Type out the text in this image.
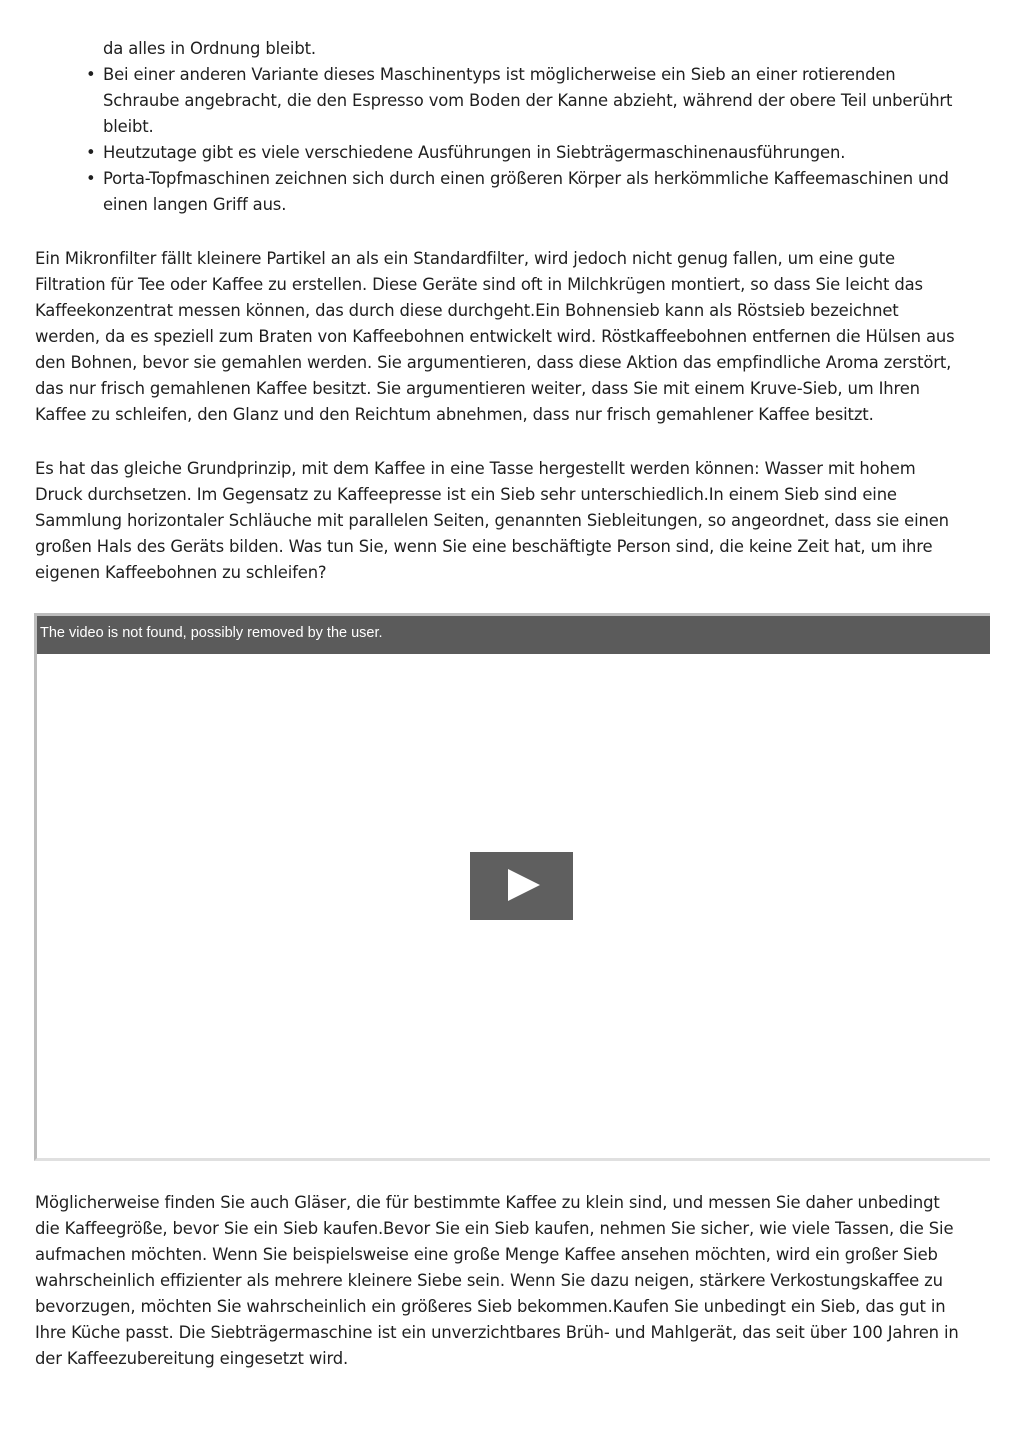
da alles in Ordnung bleibt.
• Bei einer anderen Variante dieses Maschinentyps ist möglicherweise ein Sieb an einer rotierenden
Schraube angebracht, die den Espresso vom Boden der Kanne abzieht, während der obere Teil unberührt
bleibt.
• Heutzutage gibt es viele verschiedene Ausführungen in Siebträgermaschinenausführungen.
• Porta-Topfmaschinen zeichnen sich durch einen größeren Körper als herkömmliche Kaffeemaschinen und
einen langen Griff aus.

Ein Mikronfilter fällt kleinere Partikel an als ein Standardfilter, wird jedoch nicht genug fallen, um eine gute
Filtration für Tee oder Kaffee zu erstellen. Diese Geräte sind oft in Milchkrügen montiert, so dass Sie leicht das
Kaffeekonzentrat messen können, das durch diese durchgeht.Ein Bohnensieb kann als Röstsieb bezeichnet
werden, da es speziell zum Braten von Kaffeebohnen entwickelt wird. Röstkaffeebohnen entfernen die Hülsen aus
den Bohnen, bevor sie gemahlen werden. Sie argumentieren, dass diese Aktion das empfindliche Aroma zerstört,
das nur frisch gemahlenen Kaffee besitzt. Sie argumentieren weiter, dass Sie mit einem Kruve-Sieb, um Ihren
Kaffee zu schleifen, den Glanz und den Reichtum abnehmen, dass nur frisch gemahlener Kaffee besitzt.

Es hat das gleiche Grundprinzip, mit dem Kaffee in eine Tasse hergestellt werden können: Wasser mit hohem
Druck durchsetzen. Im Gegensatz zu Kaffeepresse ist ein Sieb sehr unterschiedlich.In einem Sieb sind eine
Sammlung horizontaler Schläuche mit parallelen Seiten, genannten Siebleitungen, so angeordnet, dass sie einen
großen Hals des Geräts bilden. Was tun Sie, wenn Sie eine beschäftigte Person sind, die keine Zeit hat, um ihre
eigenen Kaffeebohnen zu schleifen?

The video is not found, possibly removed by the user.
Möglicherweise finden Sie auch Gläser, die für bestimmte Kaffee zu klein sind, und messen Sie daher unbedingt
die Kaffeegröße, bevor Sie ein Sieb kaufen.Bevor Sie ein Sieb kaufen, nehmen Sie sicher, wie viele Tassen, die Sie
aufmachen möchten. Wenn Sie beispielsweise eine große Menge Kaffee ansehen möchten, wird ein großer Sieb
wahrscheinlich effizienter als mehrere kleinere Siebe sein. Wenn Sie dazu neigen, stärkere Verkostungskaffee zu
bevorzugen, möchten Sie wahrscheinlich ein größeres Sieb bekommen.Kaufen Sie unbedingt ein Sieb, das gut in
Ihre Küche passt. Die Siebträgermaschine ist ein unverzichtbares Brüh- und Mahlgerät, das seit über 100 Jahren in
der Kaffeezubereitung eingesetzt wird.
